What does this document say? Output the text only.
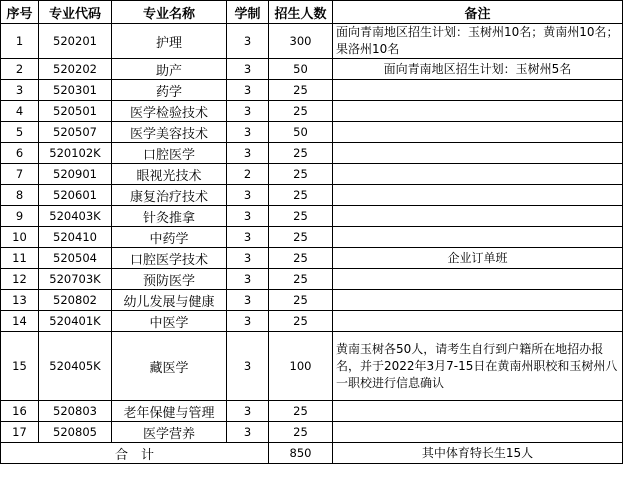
序号	专业代码	专业名称	学制	招生人数	备注
1	520201	护理	3	300	面向青南地区招生计划：玉树州10名；黄南州10名；果洛州10名
2	520202	助产	3	50	面向青南地区招生计划：玉树州5名
3	520301	药学	3	25	
4	520501	医学检验技术	3	25	
5	520507	医学美容技术	3	50	
6	520102K	口腔医学	3	25	
7	520901	眼视光技术	2	25	
8	520601	康复治疗技术	3	25	
9	520403K	针灸推拿	3	25	
10	520410	中药学	3	25	
11	520504	口腔医学技术	3	25	企业订单班
12	520703K	预防医学	3	25	
13	520802	幼儿发展与健康	3	25	
14	520401K	中医学	3	25	
15	520405K	藏医学	3	100	黄南玉树各50人，请考生自行到户籍所在地招办报名，并于2022年3月7-15日在黄南州职校和玉树州八一职校进行信息确认
16	520803	老年保健与管理	3	25	
17	520805	医学营养	3	25	
合　计				850	其中体育特长生15人
